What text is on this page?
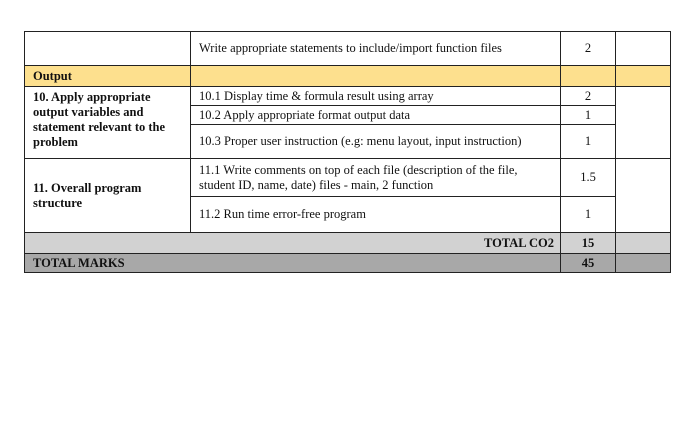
	Write appropriate statements to include/import function files	2	
Output			
10. Apply appropriate output variables and statement relevant to the problem	10.1 Display time & formula result using array	2	
	10.2 Apply appropriate format output data	1	
	10.3 Proper user instruction (e.g: menu layout, input instruction)	1	
11. Overall program structure	11.1 Write comments on top of each file (description of the file, student ID, name, date) files - main, 2 function	1.5	
	11.2 Run time error-free program	1	
TOTAL CO2		15	
TOTAL MARKS		45	
